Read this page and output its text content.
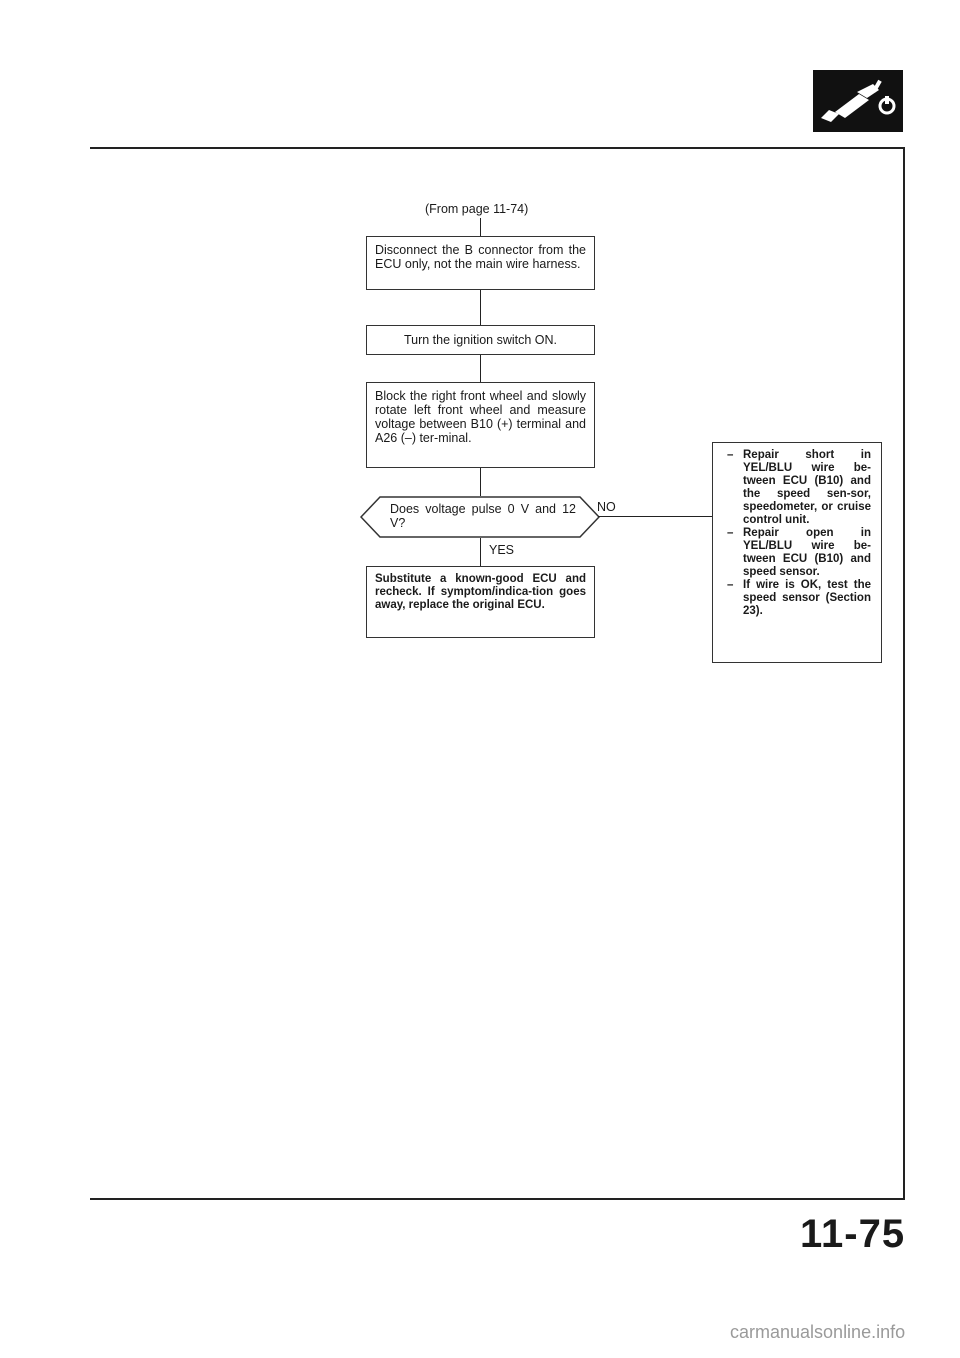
(From page 11-74)
Disconnect the B connector from the ECU only, not the main wire harness.
Turn the ignition switch ON.
Block the right front wheel and slowly rotate left front wheel and measure voltage between B10 (+) terminal and A26 (–) ter-minal.
Does voltage pulse 0 V and 12 V?
NO
YES
Substitute a known-good ECU and recheck. If symptom/indica-tion goes away, replace the original ECU.
– Repair short in YEL/BLU wire be-tween ECU (B10) and the speed sen-sor, speedometer, or cruise control unit.
– Repair open in YEL/BLU wire be-tween ECU (B10) and speed sensor.
– If wire is OK, test the speed sensor (Section 23).
11-75
carmanualsonline.info
